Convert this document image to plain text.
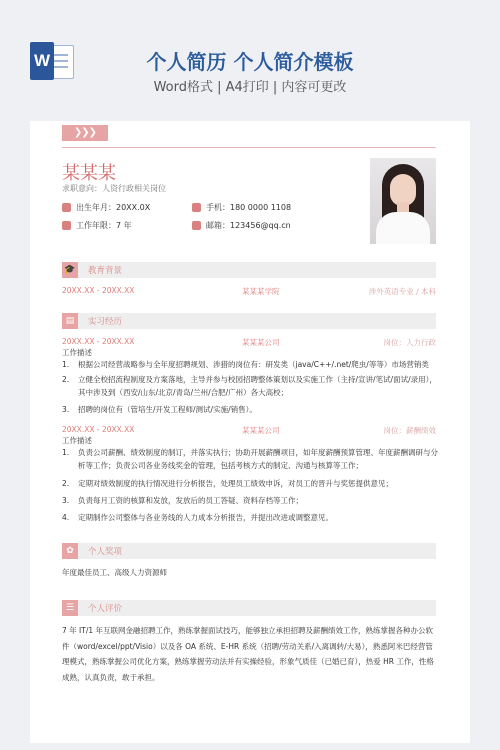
W	个人简历 个人简介模板
Word格式 | A4打印 | 内容可更改
❯❯❯
某某某
求职意向：人资行政相关岗位
出生年月：20XX.0X	手机：180 0000 1108
工作年限：7 年	邮箱：123456@qq.cn
🎓 教育背景
20XX.XX - 20XX.XX	某某某学院	涉外英语专业 / 本科
▤	实习经历
20XX.XX - 20XX.XX	某某某公司	岗位：人力行政
工作描述
1. 根据公司经营战略参与全年度招聘规划、涉猎的岗位有：研发类（java/C++/.net/爬虫/等等）市场营销类
2. 立健全校招流程制度及方案落地，主导并参与校园招聘整体策划以及实施工作（主持/宣讲/笔试/面试/录用），其中涉及到（西安/山东/北京/青岛/兰州/合肥/广州）各大高校；
3. 招聘的岗位有（管培生/开发工程师/测试/实施/销售）。
20XX.XX - 20XX.XX	某某某公司	岗位：薪酬绩效
工作描述
1. 负责公司薪酬、绩效制度的制订，并落实执行；协助开展薪酬项目，如年度薪酬预算管理、年度薪酬调研与分析等工作；负责公司各业务线奖金的管理，包括考核方式的制定、沟通与核算等工作；
2. 定期对绩效制度的执行情况进行分析报告，处理员工绩效申诉，对员工的晋升与奖惩提供意见；
3. 负责每月工资的核算和发放，发放后的员工答疑、资料存档等工作；
4. 定期制作公司整体与各业务线的人力成本分析报告，并提出改进或调整意见。
✿	个人奖项
年度最佳员工、高级人力资源师
☰	个人评价
7 年 IT/1 年互联网金融招聘工作，熟练掌握面试技巧，能够独立承担招聘及薪酬绩效工作，熟练掌握各种办公软件（word/excel/ppt/Visio）以及各 OA 系统、E-HR 系统（招聘/劳动关系/入离调转/大易），熟悉阿米巴经营管理模式，熟练掌握公司优化方案，熟练掌握劳动法并有实操经验，形象气质佳（已婚已育），热爱 HR 工作，性格成熟，认真负责，敢于承担。
